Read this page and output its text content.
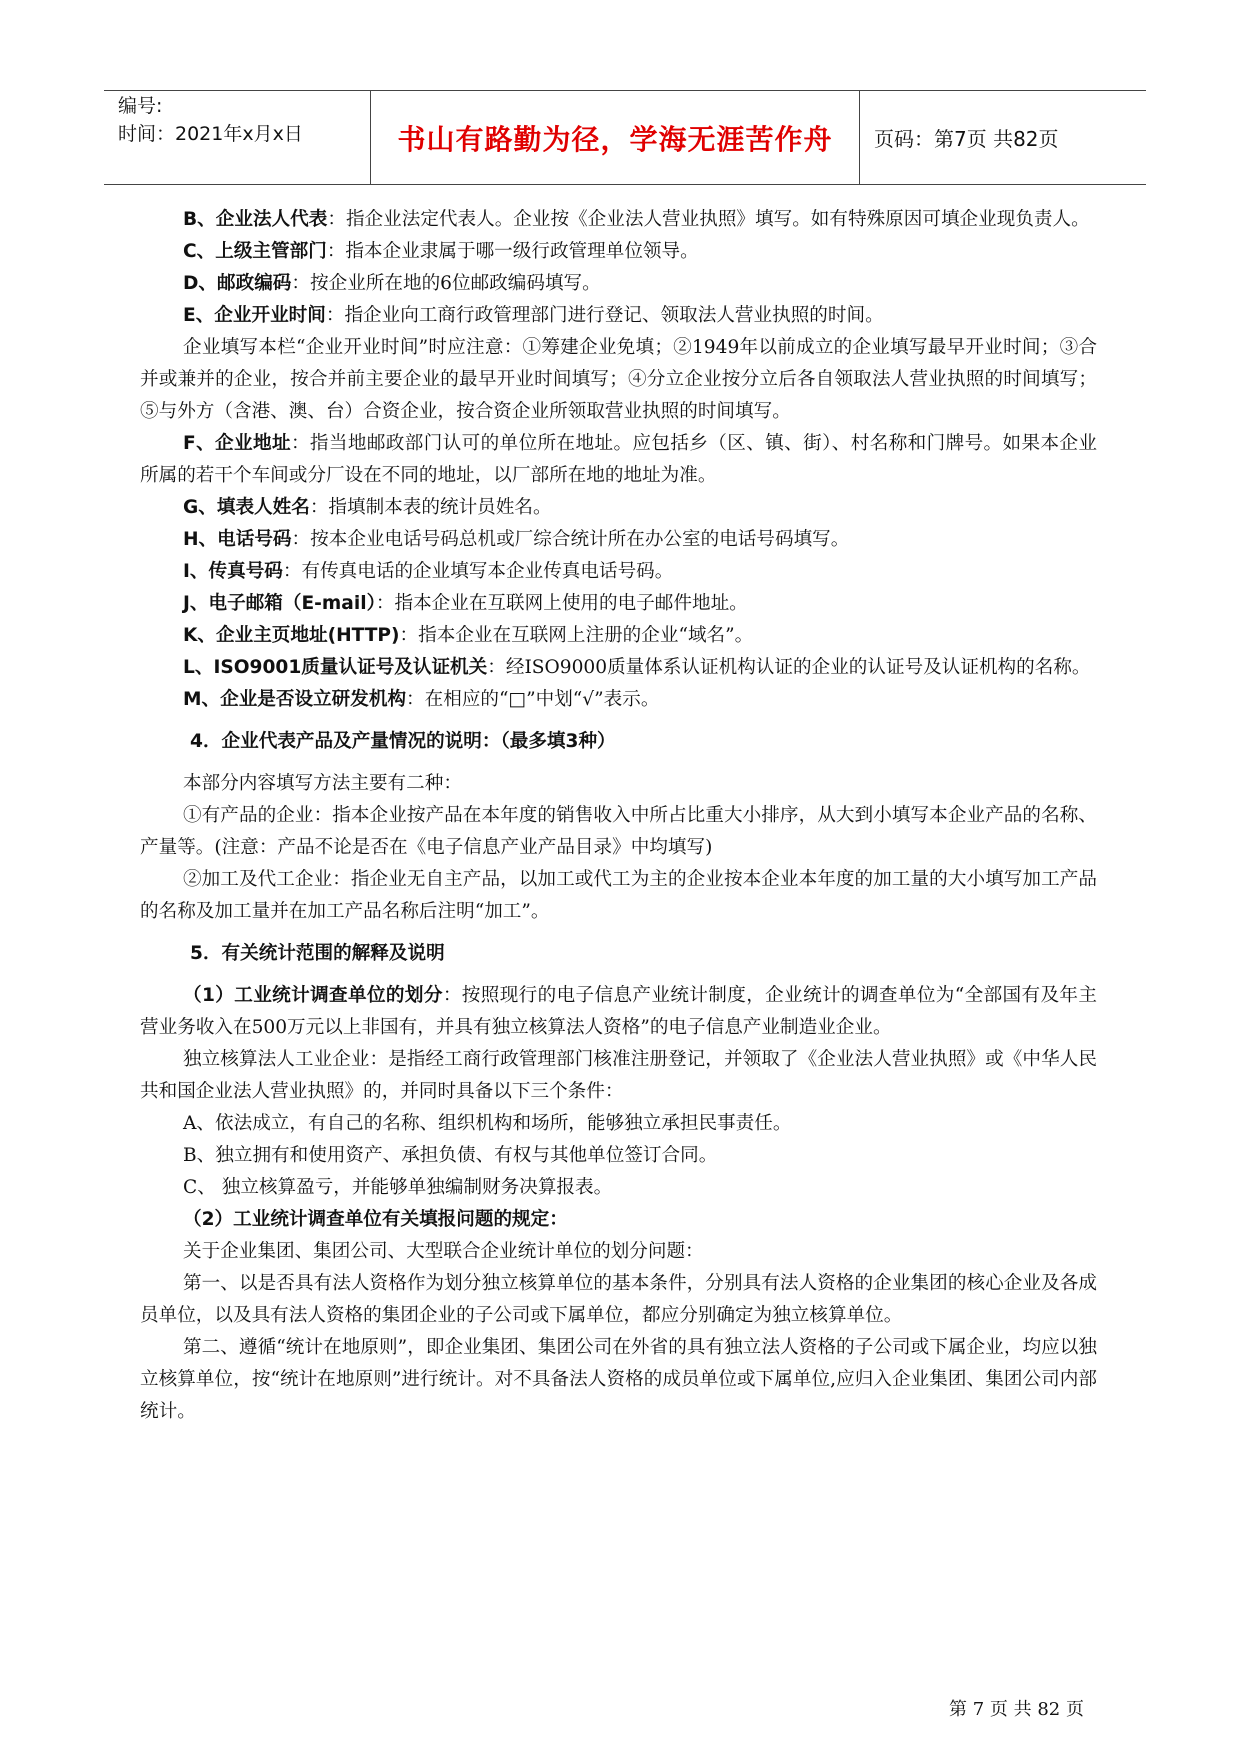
编号:
时间：2021年x月x日	书山有路勤为径，学海无涯苦作舟 页码：第7页 共82页

B、企业法人代表：指企业法定代表人。企业按《企业法人营业执照》填写。如有特殊原因可填企业现负责人。

C、上级主管部门：指本企业隶属于哪一级行政管理单位领导。

D、邮政编码：按企业所在地的6位邮政编码填写。

E、企业开业时间：指企业向工商行政管理部门进行登记、领取法人营业执照的时间。

企业填写本栏“企业开业时间”时应注意：①筹建企业免填；②1949年以前成立的企业填写最早开业时间；③合并或兼并的企业，按合并前主要企业的最早开业时间填写；④分立企业按分立后各自领取法人营业执照的时间填写；⑤与外方（含港、澳、台）合资企业，按合资企业所领取营业执照的时间填写。

F、企业地址：指当地邮政部门认可的单位所在地址。应包括乡（区、镇、街）、村名称和门牌号。如果本企业所属的若干个车间或分厂设在不同的地址，以厂部所在地的地址为准。

G、填表人姓名：指填制本表的统计员姓名。

H、电话号码：按本企业电话号码总机或厂综合统计所在办公室的电话号码填写。

I、传真号码：有传真电话的企业填写本企业传真电话号码。

J、电子邮箱（E-mail）：指本企业在互联网上使用的电子邮件地址。

K、企业主页地址(HTTP)：指本企业在互联网上注册的企业“域名”。

L、ISO9001质量认证号及认证机关：经ISO9000质量体系认证机构认证的企业的认证号及认证机构的名称。

M、企业是否设立研发机构：在相应的“□”中划“√”表示。

4．企业代表产品及产量情况的说明：（最多填3种）

本部分内容填写方法主要有二种：

①有产品的企业：指本企业按产品在本年度的销售收入中所占比重大小排序，从大到小填写本企业产品的名称、产量等。(注意：产品不论是否在《电子信息产业产品目录》中均填写)

②加工及代工企业：指企业无自主产品，以加工或代工为主的企业按本企业本年度的加工量的大小填写加工产品的名称及加工量并在加工产品名称后注明“加工”。

5．有关统计范围的解释及说明

（1）工业统计调查单位的划分：按照现行的电子信息产业统计制度，企业统计的调查单位为“全部国有及年主营业务收入在500万元以上非国有，并具有独立核算法人资格”的电子信息产业制造业企业。

独立核算法人工业企业：是指经工商行政管理部门核准注册登记，并领取了《企业法人营业执照》或《中华人民共和国企业法人营业执照》的，并同时具备以下三个条件：

A、依法成立，有自己的名称、组织机构和场所，能够独立承担民事责任。

B、独立拥有和使用资产、承担负债、有权与其他单位签订合同。

C、 独立核算盈亏，并能够单独编制财务决算报表。

（2）工业统计调查单位有关填报问题的规定：

关于企业集团、集团公司、大型联合企业统计单位的划分问题：

第一、以是否具有法人资格作为划分独立核算单位的基本条件，分别具有法人资格的企业集团的核心企业及各成员单位，以及具有法人资格的集团企业的子公司或下属单位，都应分别确定为独立核算单位。

第二、遵循“统计在地原则”，即企业集团、集团公司在外省的具有独立法人资格的子公司或下属企业，均应以独立核算单位，按“统计在地原则”进行统计。对不具备法人资格的成员单位或下属单位,应归入企业集团、集团公司内部统计。

第 7 页 共 82 页
